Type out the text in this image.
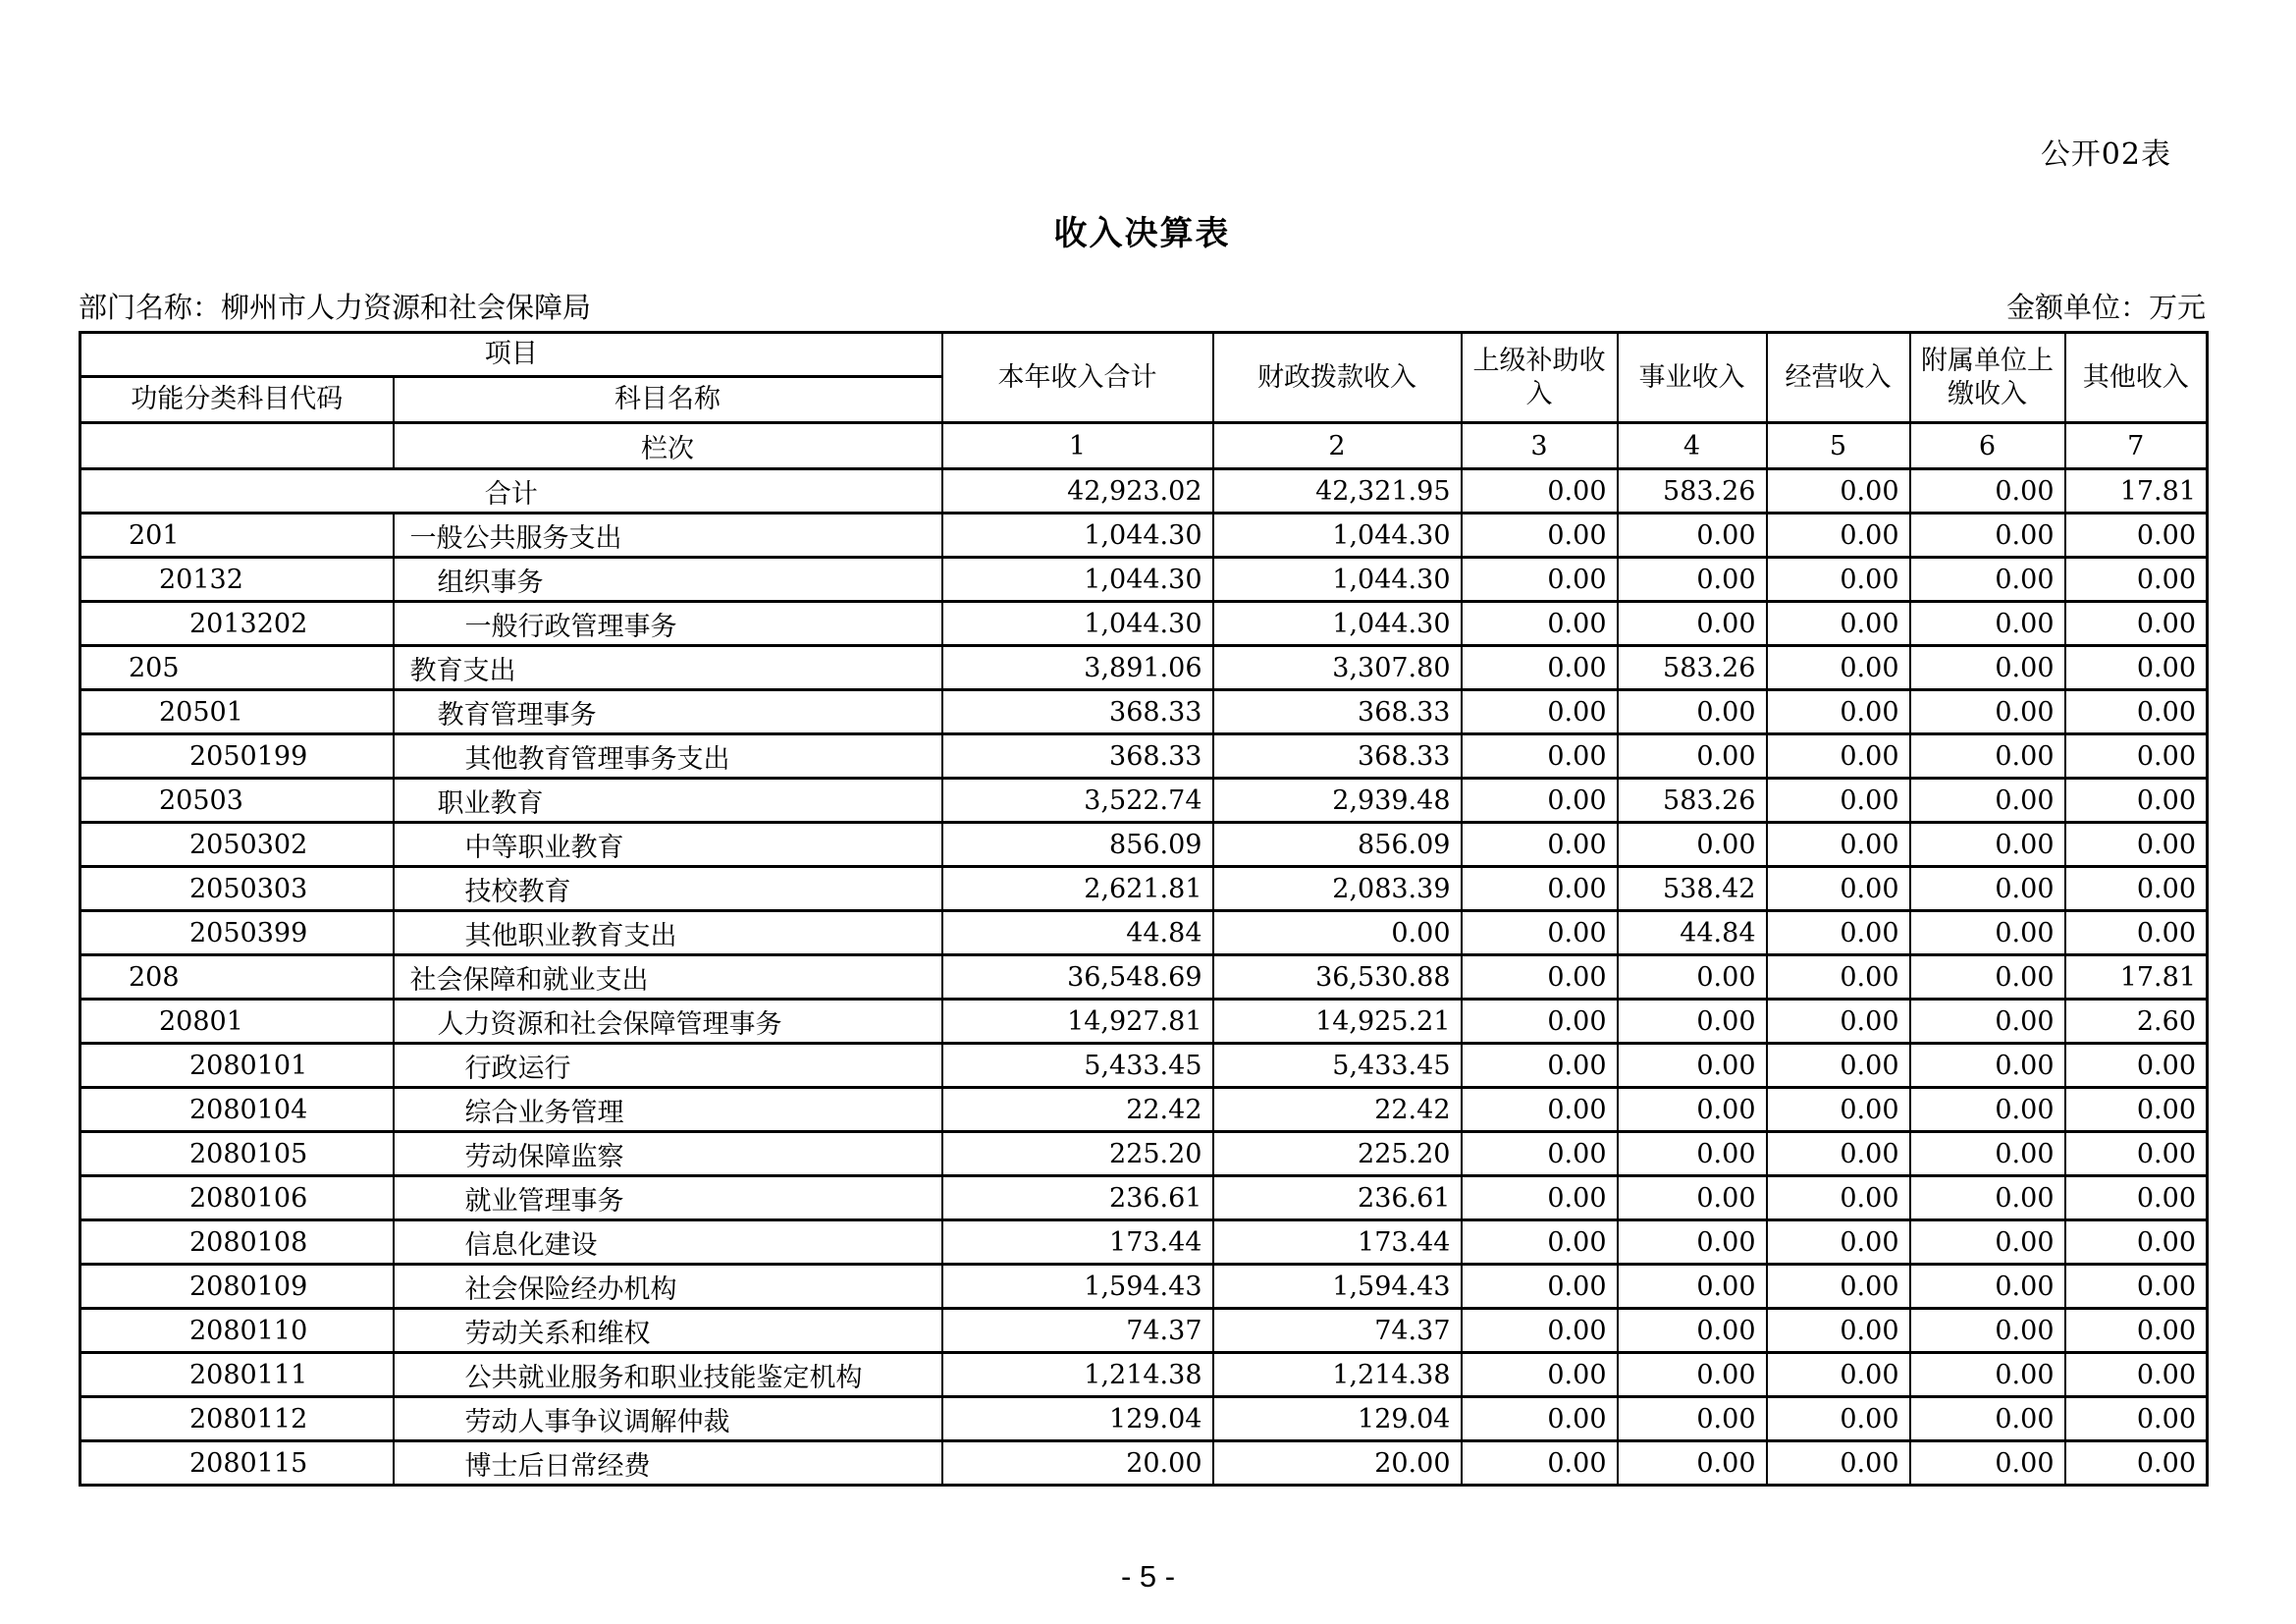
公开02表
收入决算表
部门名称：柳州市人力资源和社会保障局	金额单位：万元
项目		本年收入合计	财政拨款收入	上级补助收入	事业收入	经营收入	附属单位上缴收入	其他收入
功能分类科目代码	科目名称							
	栏次	1	2	3	4	5	6	7
合计		42,923.02	42,321.95	0.00	583.26	0.00	0.00	17.81
201	一般公共服务支出	1,044.30	1,044.30	0.00	0.00	0.00	0.00	0.00
20132	组织事务	1,044.30	1,044.30	0.00	0.00	0.00	0.00	0.00
2013202	一般行政管理事务	1,044.30	1,044.30	0.00	0.00	0.00	0.00	0.00
205	教育支出	3,891.06	3,307.80	0.00	583.26	0.00	0.00	0.00
20501	教育管理事务	368.33	368.33	0.00	0.00	0.00	0.00	0.00
2050199	其他教育管理事务支出	368.33	368.33	0.00	0.00	0.00	0.00	0.00
20503	职业教育	3,522.74	2,939.48	0.00	583.26	0.00	0.00	0.00
2050302	中等职业教育	856.09	856.09	0.00	0.00	0.00	0.00	0.00
2050303	技校教育	2,621.81	2,083.39	0.00	538.42	0.00	0.00	0.00
2050399	其他职业教育支出	44.84	0.00	0.00	44.84	0.00	0.00	0.00
208	社会保障和就业支出	36,548.69	36,530.88	0.00	0.00	0.00	0.00	17.81
20801	人力资源和社会保障管理事务	14,927.81	14,925.21	0.00	0.00	0.00	0.00	2.60
2080101	行政运行	5,433.45	5,433.45	0.00	0.00	0.00	0.00	0.00
2080104	综合业务管理	22.42	22.42	0.00	0.00	0.00	0.00	0.00
2080105	劳动保障监察	225.20	225.20	0.00	0.00	0.00	0.00	0.00
2080106	就业管理事务	236.61	236.61	0.00	0.00	0.00	0.00	0.00
2080108	信息化建设	173.44	173.44	0.00	0.00	0.00	0.00	0.00
2080109	社会保险经办机构	1,594.43	1,594.43	0.00	0.00	0.00	0.00	0.00
2080110	劳动关系和维权	74.37	74.37	0.00	0.00	0.00	0.00	0.00
2080111	公共就业服务和职业技能鉴定机构	1,214.38	1,214.38	0.00	0.00	0.00	0.00	0.00
2080112	劳动人事争议调解仲裁	129.04	129.04	0.00	0.00	0.00	0.00	0.00
2080115	博士后日常经费	20.00	20.00	0.00	0.00	0.00	0.00	0.00
- 5 -
